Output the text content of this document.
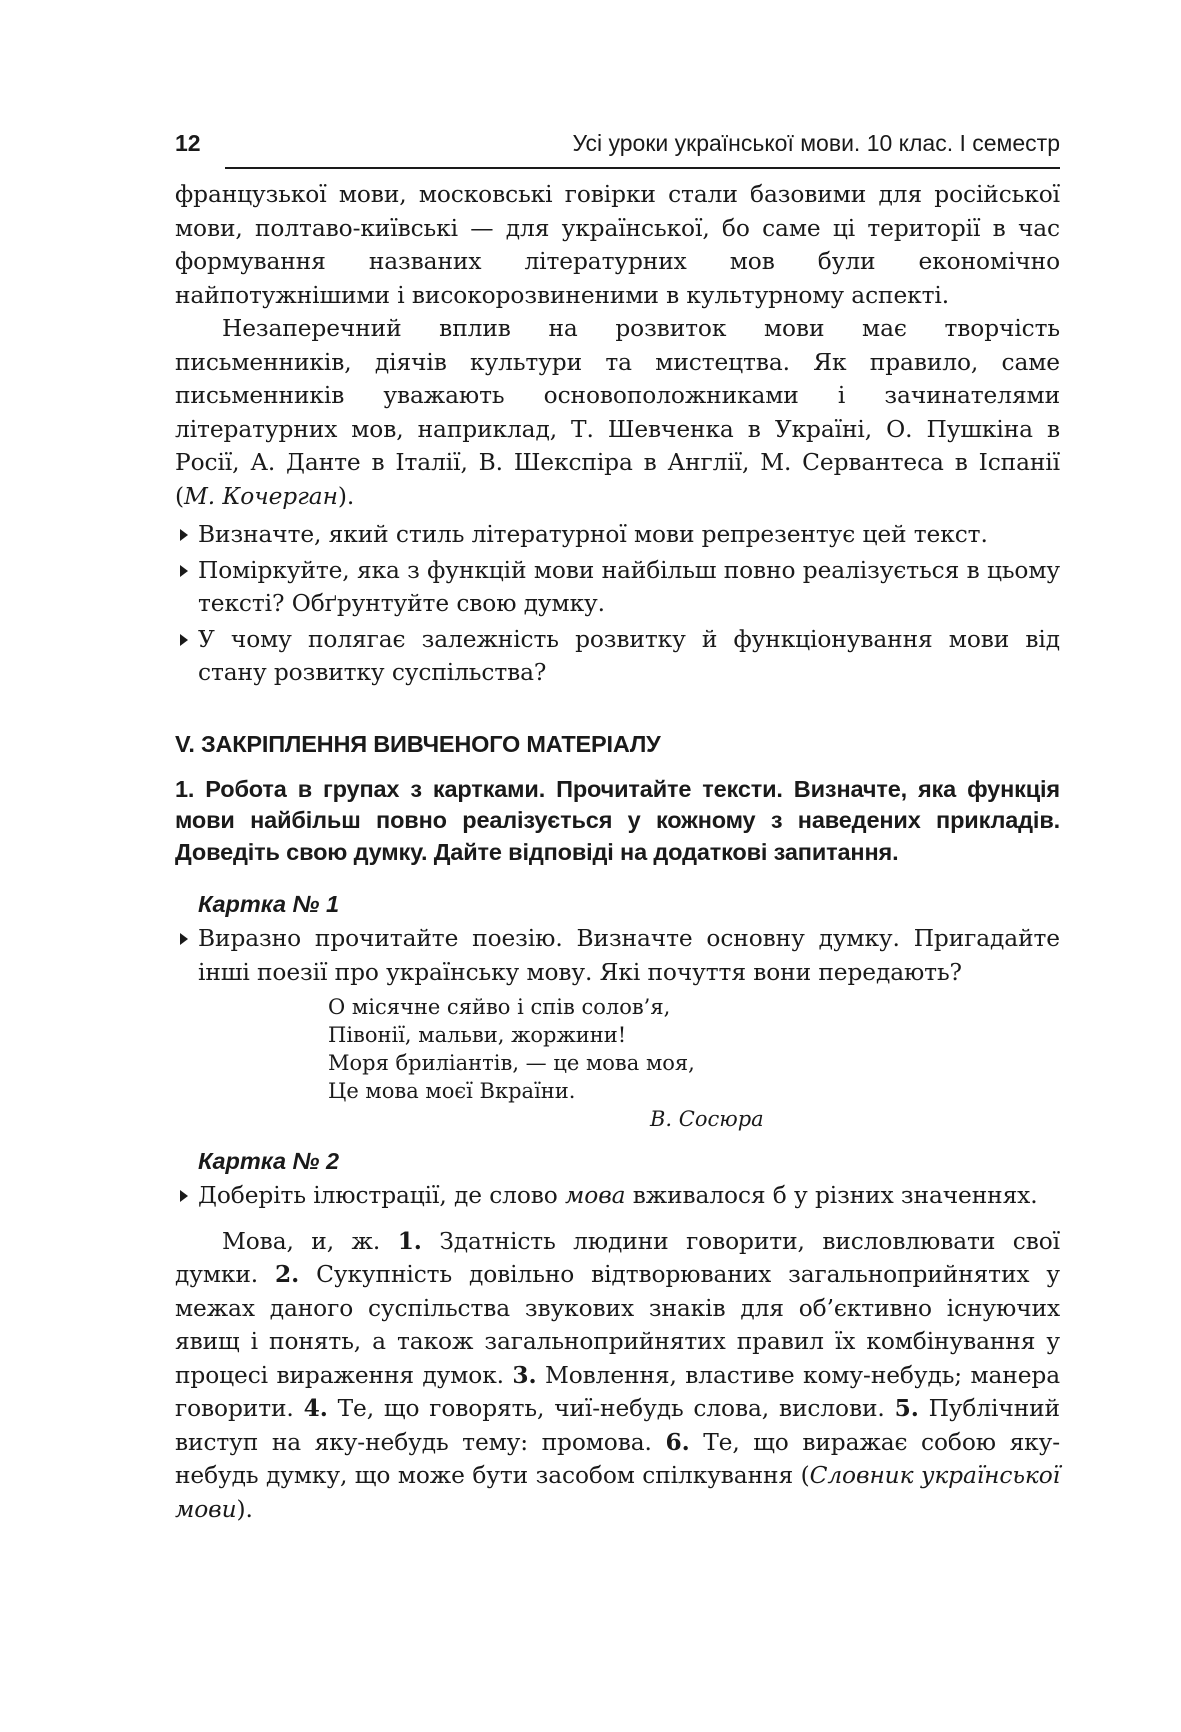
12	Усі уроки української мови. 10 клас. І семестр

французької мови, московські говірки стали базовими для російської мови, полтаво-київські — для української, бо саме ці території в час формування названих літературних мов були економічно найпотужнішими і високорозвиненими в культурному аспекті.

Незаперечний вплив на розвиток мови має творчість письменників, діячів культури та мистецтва. Як правило, саме письменників уважають основоположниками і зачинателями літературних мов, наприклад, Т. Шевченка в Україні, О. Пушкіна в Росії, А. Данте в Італії, В. Шекспіра в Англії, М. Сервантеса в Іспанії (М. Кочерган).

Визначте, який стиль літературної мови репрезентує цей текст.

Поміркуйте, яка з функцій мови найбільш повно реалізується в цьому тексті? Обґрунтуйте свою думку.

У чому полягає залежність розвитку й функціонування мови від стану розвитку суспільства?

V. ЗАКРІПЛЕННЯ ВИВЧЕНОГО МАТЕРІАЛУ

1. Робота в групах з картками. Прочитайте тексти. Визначте, яка функція мови найбільш повно реалізується у кожному з наведених прикладів. Доведіть свою думку. Дайте відповіді на додаткові запитання.

Картка № 1

Виразно прочитайте поезію. Визначте основну думку. Пригадайте інші поезії про українську мову. Які почуття вони передають?

О місячне сяйво і спів солов’я,
Півонії, мальви, жоржини!
Моря брилiантiв, — це мова моя,
Це мова моєї Вкраїни.
В. Сосюра

Картка № 2

Доберіть ілюстрації, де слово мова вживалося б у різних значеннях.

Мова, и, ж. 1. Здатність людини говорити, висловлювати свої думки. 2. Сукупність довільно відтворюваних загальноприйнятих у межах даного суспільства звукових знаків для об’єктивно існуючих явищ і понять, а також загальноприйнятих правил їх комбінування у процесі вираження думок. 3. Мовлення, властиве кому-небудь; манера говорити. 4. Те, що говорять, чиї-небудь слова, вислови. 5. Публічний виступ на яку-небудь тему: промова. 6. Те, що виражає собою яку-небудь думку, що може бути засобом спілкування (Словник української мови).
